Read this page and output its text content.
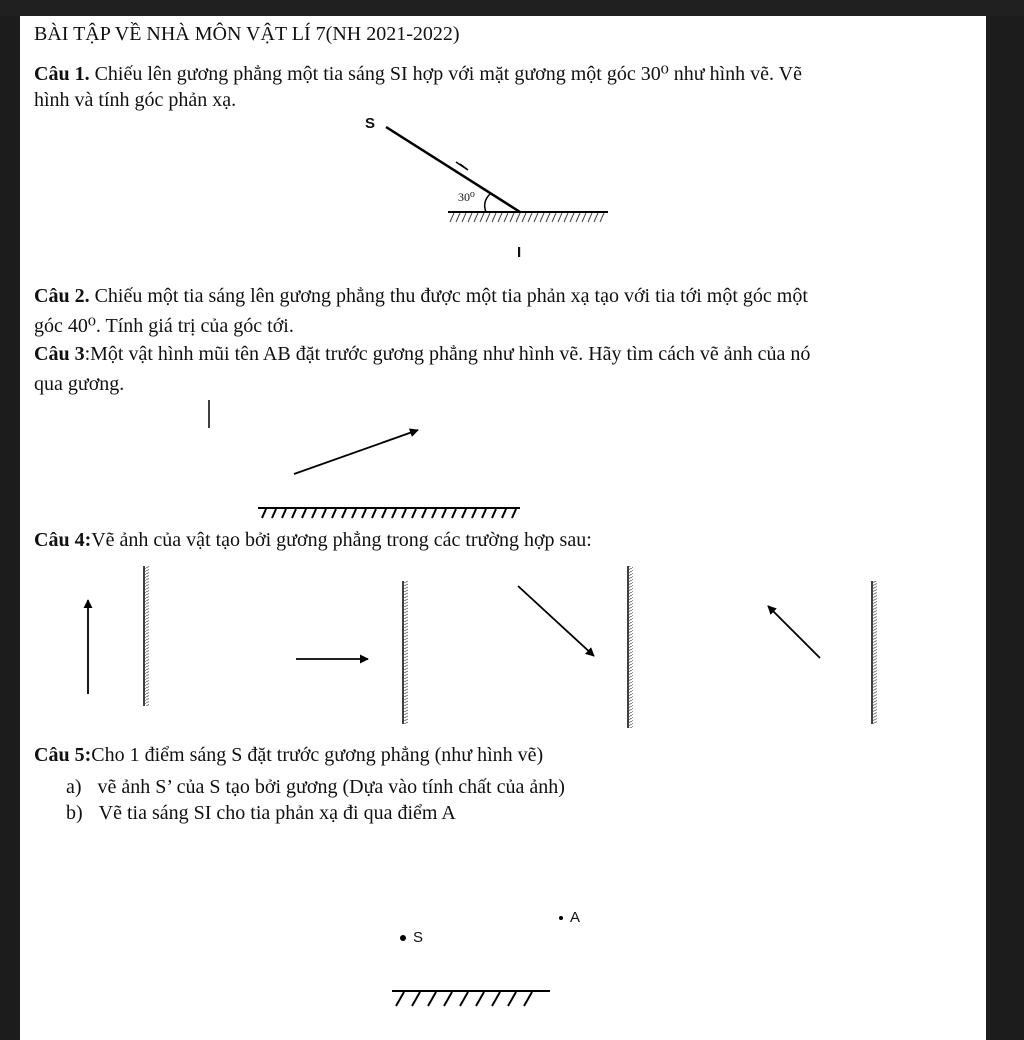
BÀI TẬP VỀ NHÀ MÔN VẬT LÍ 7(NH 2021-2022)

Câu 1. Chiếu lên gương phẳng một tia sáng SI hợp với mặt gương một góc 30⁰ như hình vẽ. Vẽ

hình và tính góc phản xạ.

S
30⁰
I

Câu 2. Chiếu một tia sáng lên gương phẳng thu được một tia phản xạ tạo với tia tới một góc một

góc 40⁰. Tính giá trị của góc tới.

Câu 3:Một vật hình mũi tên AB đặt trước gương phẳng như hình vẽ. Hãy tìm cách vẽ ảnh của nó

qua gương.

Câu 4:Vẽ ảnh của vật tạo bởi gương phẳng trong các trường hợp sau:

Câu 5:Cho 1 điểm sáng S đặt trước gương phẳng (như hình vẽ)

a) vẽ ảnh S’ của S tạo bởi gương (Dựa vào tính chất của ảnh)

b) Vẽ tia sáng SI cho tia phản xạ đi qua điểm A

A
S
